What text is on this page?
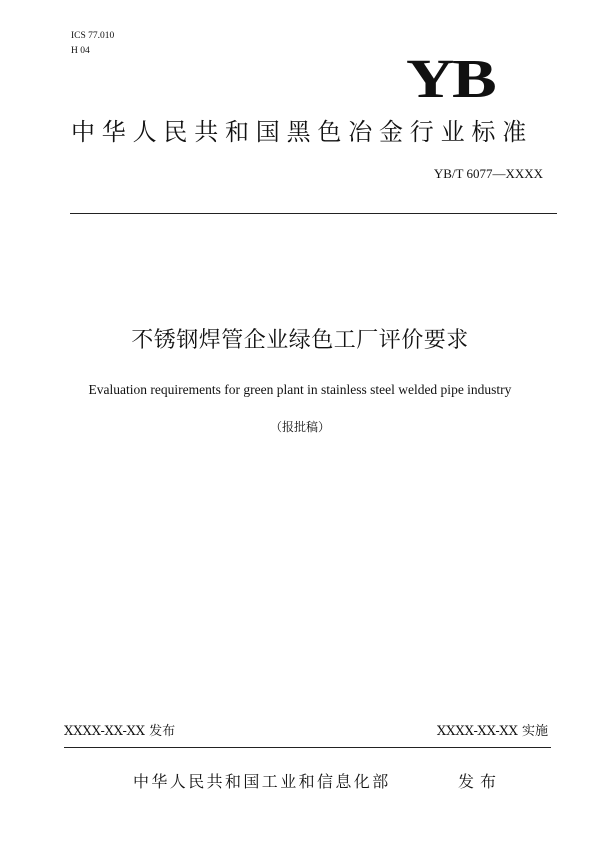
ICS 77.010
H 04	YB
中华人民共和国黑色冶金行业标准
YB/T 6077—XXXX
不锈钢焊管企业绿色工厂评价要求
Evaluation requirements for green plant in stainless steel welded pipe industry
（报批稿）
XXXX-XX-XX 发布	XXXX-XX-XX 实施
中华人民共和国工业和信息化部	发布
